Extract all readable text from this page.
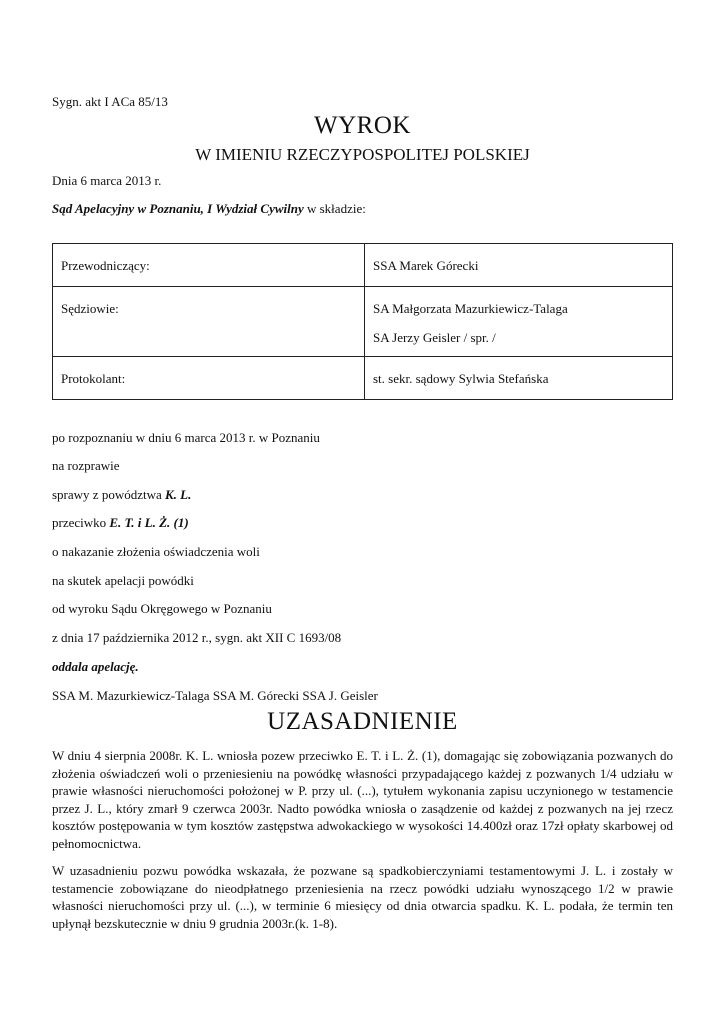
Sygn. akt I ACa 85/13
WYROK
W IMIENIU RZECZYPOSPOLITEJ POLSKIEJ
Dnia 6 marca 2013 r.
Sąd Apelacyjny w Poznaniu, I Wydział Cywilny w składzie:
Przewodniczący:	SSA Marek Górecki

Sędziowie:	SA Małgorzata Mazurkiewicz-Talaga
SA Jerzy Geisler / spr. /

Protokolant:	st. sekr. sądowy Sylwia Stefańska
po rozpoznaniu w dniu 6 marca 2013 r. w Poznaniu
na rozprawie
sprawy z powództwa K. L.
przeciwko E. T. i L. Ż. (1)
o nakazanie złożenia oświadczenia woli
na skutek apelacji powódki
od wyroku Sądu Okręgowego w Poznaniu
z dnia 17 października 2012 r., sygn. akt XII C 1693/08
oddala apelację.
SSA M. Mazurkiewicz-Talaga SSA M. Górecki SSA J. Geisler
UZASADNIENIE
W dniu 4 sierpnia 2008r. K. L. wniosła pozew przeciwko E. T. i L. Ż. (1), domagając się zobowiązania pozwanych do złożenia oświadczeń woli o przeniesieniu na powódkę własności przypadającego każdej z pozwanych 1/4 udziału w prawie własności nieruchomości położonej w P. przy ul. (...), tytułem wykonania zapisu uczynionego w testamencie przez J. L., który zmarł 9 czerwca 2003r. Nadto powódka wniosła o zasądzenie od każdej z pozwanych na jej rzecz kosztów postępowania w tym kosztów zastępstwa adwokackiego w wysokości 14.400zł oraz 17zł opłaty skarbowej od pełnomocnictwa.
W uzasadnieniu pozwu powódka wskazała, że pozwane są spadkobierczyniami testamentowymi J. L. i zostały w testamencie zobowiązane do nieodpłatnego przeniesienia na rzecz powódki udziału wynoszącego 1/2 w prawie własności nieruchomości przy ul. (...), w terminie 6 miesięcy od dnia otwarcia spadku. K. L. podała, że termin ten upłynął bezskutecznie w dniu 9 grudnia 2003r.(k. 1-8).
